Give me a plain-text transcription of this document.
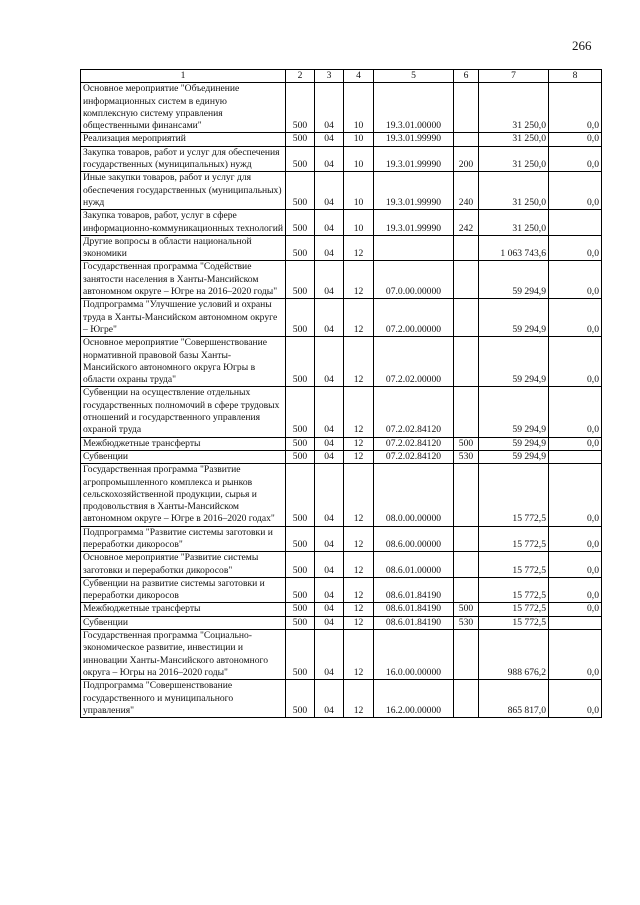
266
1	2	3	4	5	6	7	8
Основное мероприятие "Объединение информационных систем в единую комплексную систему управления общественными финансами"	500	04	10	19.3.01.00000		31 250,0	0,0
Реализация мероприятий	500	04	10	19.3.01.99990		31 250,0	0,0
Закупка товаров, работ и услуг для обеспечения государственных (муниципальных) нужд	500	04	10	19.3.01.99990	200	31 250,0	0,0
Иные закупки товаров, работ и услуг для обеспечения государственных (муниципальных) нужд	500	04	10	19.3.01.99990	240	31 250,0	0,0
Закупка товаров, работ, услуг в сфере информационно-коммуникационных технологий	500	04	10	19.3.01.99990	242	31 250,0	
Другие вопросы в области национальной экономики	500	04	12			1 063 743,6	0,0
Государственная программа "Содействие занятости населения в Ханты-Мансийском автономном округе – Югре на 2016–2020 годы"	500	04	12	07.0.00.00000		59 294,9	0,0
Подпрограмма "Улучшение условий и охраны труда в Ханты-Мансийском автономном округе – Югре"	500	04	12	07.2.00.00000		59 294,9	0,0
Основное мероприятие "Совершенствование нормативной правовой базы Ханты-Мансийского автономного округа Югры в области охраны труда"	500	04	12	07.2.02.00000		59 294,9	0,0
Субвенции на осуществление отдельных государственных полномочий в сфере трудовых отношений и государственного управления охраной труда	500	04	12	07.2.02.84120		59 294,9	0,0
Межбюджетные трансферты	500	04	12	07.2.02.84120	500	59 294,9	0,0
Субвенции	500	04	12	07.2.02.84120	530	59 294,9	
Государственная программа "Развитие агропромышленного комплекса и рынков сельскохозяйственной продукции, сырья и продовольствия в Ханты-Мансийском автономном округе – Югре в 2016–2020 годах"	500	04	12	08.0.00.00000		15 772,5	0,0
Подпрограмма "Развитие системы заготовки и переработки дикоросов"	500	04	12	08.6.00.00000		15 772,5	0,0
Основное мероприятие "Развитие системы заготовки и переработки дикоросов"	500	04	12	08.6.01.00000		15 772,5	0,0
Субвенции на развитие системы заготовки и переработки дикоросов	500	04	12	08.6.01.84190		15 772,5	0,0
Межбюджетные трансферты	500	04	12	08.6.01.84190	500	15 772,5	0,0
Субвенции	500	04	12	08.6.01.84190	530	15 772,5	
Государственная программа "Социально-экономическое развитие, инвестиции и инновации Ханты-Мансийского автономного округа – Югры на 2016–2020 годы"	500	04	12	16.0.00.00000		988 676,2	0,0
Подпрограмма "Совершенствование государственного и муниципального управления"	500	04	12	16.2.00.00000		865 817,0	0,0
